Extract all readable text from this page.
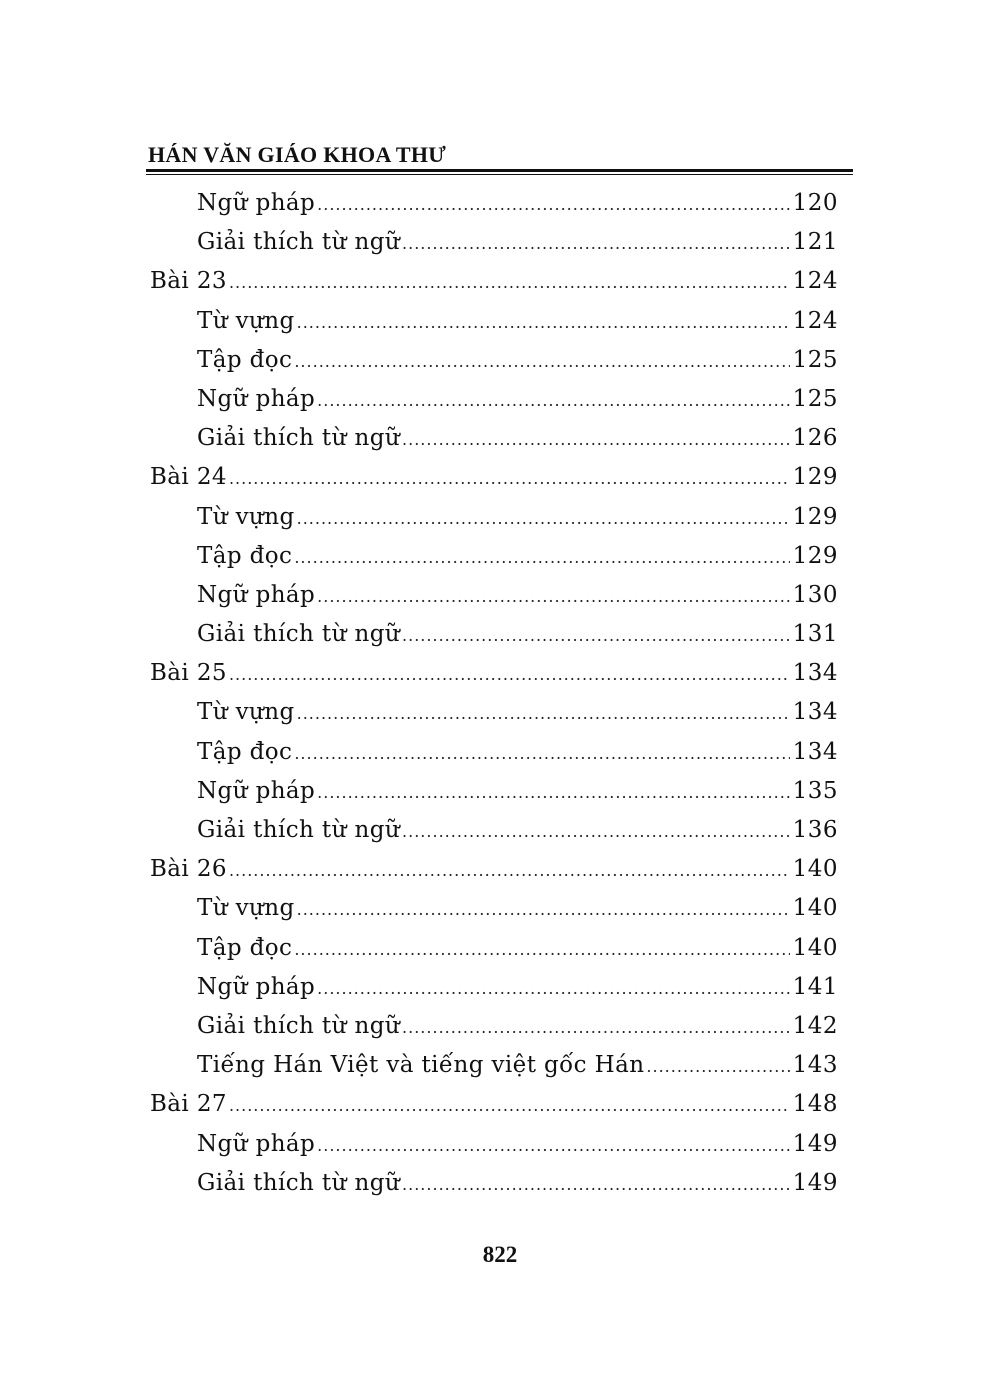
HÁN VĂN GIÁO KHOA THƯ
Ngữ pháp .....	120
Giải thích từ ngữ .....	121
Bài 23 .....	124
Từ vựng .....	124
Tập đọc .....	125
Ngữ pháp .....	125
Giải thích từ ngữ .....	126
Bài 24 .....	129
Từ vựng .....	129
Tập đọc .....	129
Ngữ pháp .....	130
Giải thích từ ngữ .....	131
Bài 25 .....	134
Từ vựng .....	134
Tập đọc .....	134
Ngữ pháp .....	135
Giải thích từ ngữ .....	136
Bài 26 .....	140
Từ vựng .....	140
Tập đọc .....	140
Ngữ pháp .....	141
Giải thích từ ngữ .....	142
Tiếng Hán Việt và tiếng việt gốc Hán .....	143
Bài 27 .....	148
Ngữ pháp .....	149
Giải thích từ ngữ .....	149

822
